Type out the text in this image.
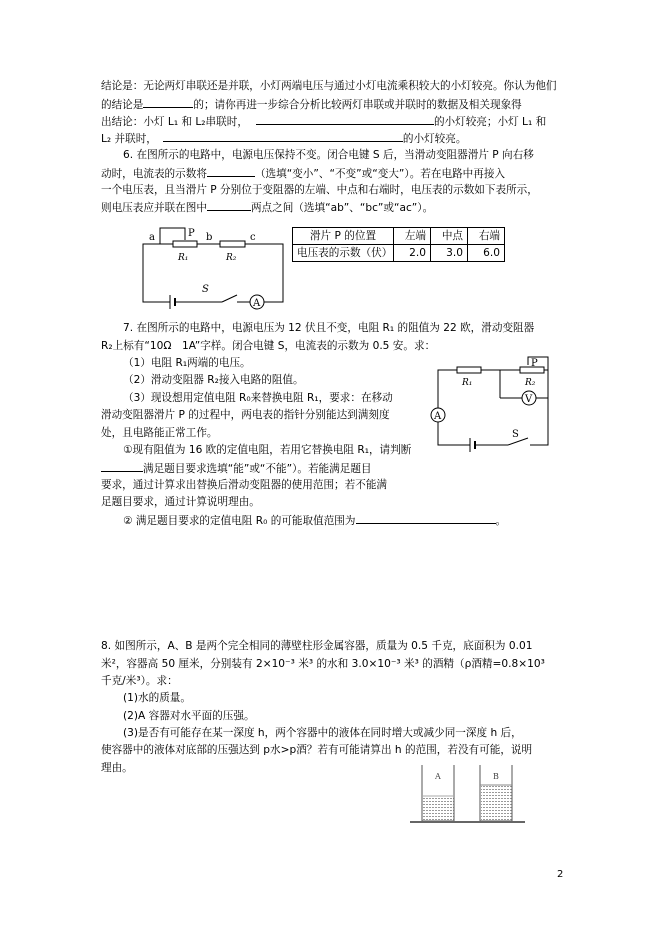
结论是：无论两灯串联还是并联，小灯两端电压与通过小灯电流乘积较大的小灯较亮。你认为他们
的结论是	的；请你再进一步综合分析比较两灯串联或并联时的数据及相关现象得
出结论：小灯 L₁ 和 L₂串联时，	的小灯较亮；小灯 L₁ 和
L₂ 并联时，	的小灯较亮。
6. 在图所示的电路中，电源电压保持不变。闭合电键 S 后，当滑动变阻器滑片 P 向右移
动时，电流表的示数将	（选填“变小”、“不变”或“变大”）。若在电路中再接入
一个电压表，且当滑片 P 分别位于变阻器的左端、中点和右端时，电压表的示数如下表所示，
则电压表应并联在图中	两点之间（选填“ab”、“bc”或“ac”）。
a	P b	c
R₁	R₂
S
A
滑片 P 的位置	左端	中点	右端
电压表的示数（伏）	2.0	3.0	6.0
7. 在图所示的电路中，电源电压为 12 伏且不变，电阻 R₁ 的阻值为 22 欧，滑动变阻器
R₂上标有“10Ω　1A”字样。闭合电键 S，电流表的示数为 0.5 安。求：
（1）电阻 R₁两端的电压。
（2）滑动变阻器 R₂接入电路的阻值。
（3）现设想用定值电阻 R₀来替换电阻 R₁，要求：在移动
滑动变阻器滑片 P 的过程中，两电表的指针分别能达到满刻度
处，且电路能正常工作。
①现有阻值为 16 欧的定值电阻，若用它替换电阻 R₁，请判断
满足题目要求选填“能”或“不能”）。若能满足题目
要求，通过计算求出替换后滑动变阻器的使用范围；若不能满
足题目要求，通过计算说明理由。
② 满足题目要求的定值电阻 R₀ 的可能取值范围为	。
P
R₁	R₂
V
A
S
8. 如图所示，A、B 是两个完全相同的薄壁柱形金属容器，质量为 0.5 千克，底面积为 0.01
米²，容器高 50 厘米，分别装有 2×10⁻³ 米³ 的水和 3.0×10⁻³ 米³ 的酒精（ρ酒精=0.8×10³
千克/米³）。求：
(1)水的质量。
(2)A 容器对水平面的压强。
(3)是否有可能存在某一深度 h，两个容器中的液体在同时增大或减少同一深度 h 后，
使容器中的液体对底部的压强达到 p水>p酒？若有可能请算出 h 的范围，若没有可能，说明
理由。
A	B
2
